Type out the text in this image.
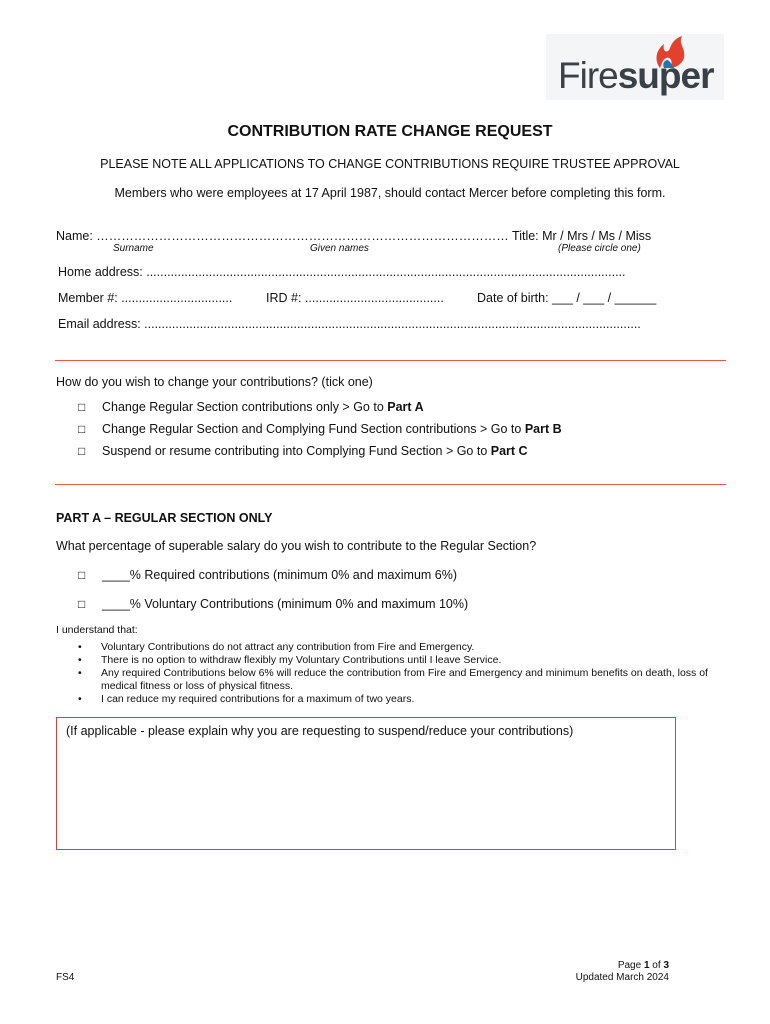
Firesuper
CONTRIBUTION RATE CHANGE REQUEST
PLEASE NOTE ALL APPLICATIONS TO CHANGE CONTRIBUTIONS REQUIRE TRUSTEE APPROVAL
Members who were employees at 17 April 1987, should contact Mercer before completing this form.
Name: ……………………………………………………………………………………… Title: Mr / Mrs / Ms / Miss
Surname	Given names	(Please circle one)
Home address: ..........................................................................................................................................
Member #: ................................	IRD #: ........................................	Date of birth: ___ / ___ / ______
Email address: ...............................................................................................................................................
How do you wish to change your contributions? (tick one)
□ Change Regular Section contributions only > Go to Part A
□ Change Regular Section and Complying Fund Section contributions > Go to Part B
□ Suspend or resume contributing into Complying Fund Section > Go to Part C
PART A – REGULAR SECTION ONLY
What percentage of superable salary do you wish to contribute to the Regular Section?
□ ____% Required contributions (minimum 0% and maximum 6%)
□ ____% Voluntary Contributions (minimum 0% and maximum 10%)
I understand that:
• Voluntary Contributions do not attract any contribution from Fire and Emergency.
• There is no option to withdraw flexibly my Voluntary Contributions until I leave Service.
• Any required Contributions below 6% will reduce the contribution from Fire and Emergency and minimum benefits on death, loss of medical fitness or loss of physical fitness.
• I can reduce my required contributions for a maximum of two years.
(If applicable - please explain why you are requesting to suspend/reduce your contributions)
Page 1 of 3
Updated March 2024
FS4
